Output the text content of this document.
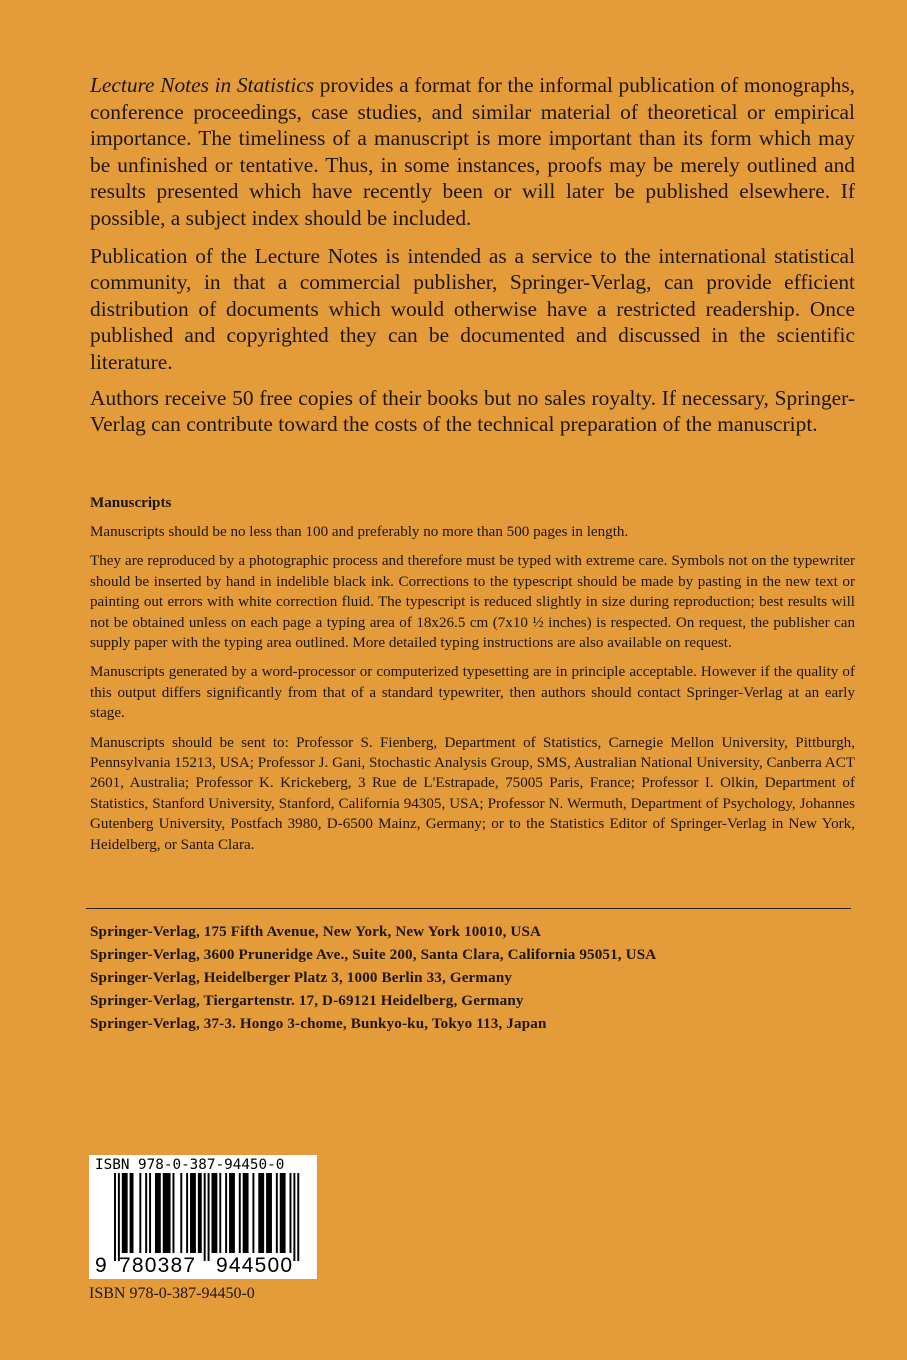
Lecture Notes in Statistics provides a format for the informal publication of monographs, conference proceedings, case studies, and similar material of theoretical or empirical importance. The timeliness of a manuscript is more important than its form which may be unfinished or tentative. Thus, in some instances, proofs may be merely outlined and results presented which have recently been or will later be published elsewhere. If possible, a subject index should be included.

Publication of the Lecture Notes is intended as a service to the international statistical community, in that a commercial publisher, Springer-Verlag, can provide efficient distribution of documents which would otherwise have a restricted readership. Once published and copyrighted they can be documented and discussed in the scientific literature.

Authors receive 50 free copies of their books but no sales royalty. If necessary, Springer-Verlag can contribute toward the costs of the technical preparation of the manuscript.

Manuscripts

Manuscripts should be no less than 100 and preferably no more than 500 pages in length.

They are reproduced by a photographic process and therefore must be typed with extreme care. Symbols not on the typewriter should be inserted by hand in indelible black ink. Corrections to the typescript should be made by pasting in the new text or painting out errors with white correction fluid. The typescript is reduced slightly in size during reproduction; best results will not be obtained unless on each page a typing area of 18x26.5 cm (7x10 ½ inches) is respected. On request, the publisher can supply paper with the typing area outlined. More detailed typing instructions are also available on request.

Manuscripts generated by a word-processor or computerized typesetting are in principle acceptable. However if the quality of this output differs significantly from that of a standard typewriter, then authors should contact Springer-Verlag at an early stage.

Manuscripts should be sent to: Professor S. Fienberg, Department of Statistics, Carnegie Mellon University, Pittburgh, Pennsylvania 15213, USA; Professor J. Gani, Stochastic Analysis Group, SMS, Australian National University, Canberra ACT 2601, Australia; Professor K. Krickeberg, 3 Rue de L'Estrapade, 75005 Paris, France; Professor I. Olkin, Department of Statistics, Stanford University, Stanford, California 94305, USA; Professor N. Wermuth, Department of Psychology, Johannes Gutenberg University, Postfach 3980, D-6500 Mainz, Germany; or to the Statistics Editor of Springer-Verlag in New York, Heidelberg, or Santa Clara.

Springer-Verlag, 175 Fifth Avenue, New York, New York 10010, USA
Springer-Verlag, 3600 Pruneridge Ave., Suite 200, Santa Clara, California 95051, USA
Springer-Verlag, Heidelberger Platz 3, 1000 Berlin 33, Germany
Springer-Verlag, Tiergartenstr. 17, D-69121 Heidelberg, Germany
Springer-Verlag, 37-3. Hongo 3-chome, Bunkyo-ku, Tokyo 113, Japan
ISBN 978-0-387-94450-0
9 780387 944500
ISBN 978-0-387-94450-0
